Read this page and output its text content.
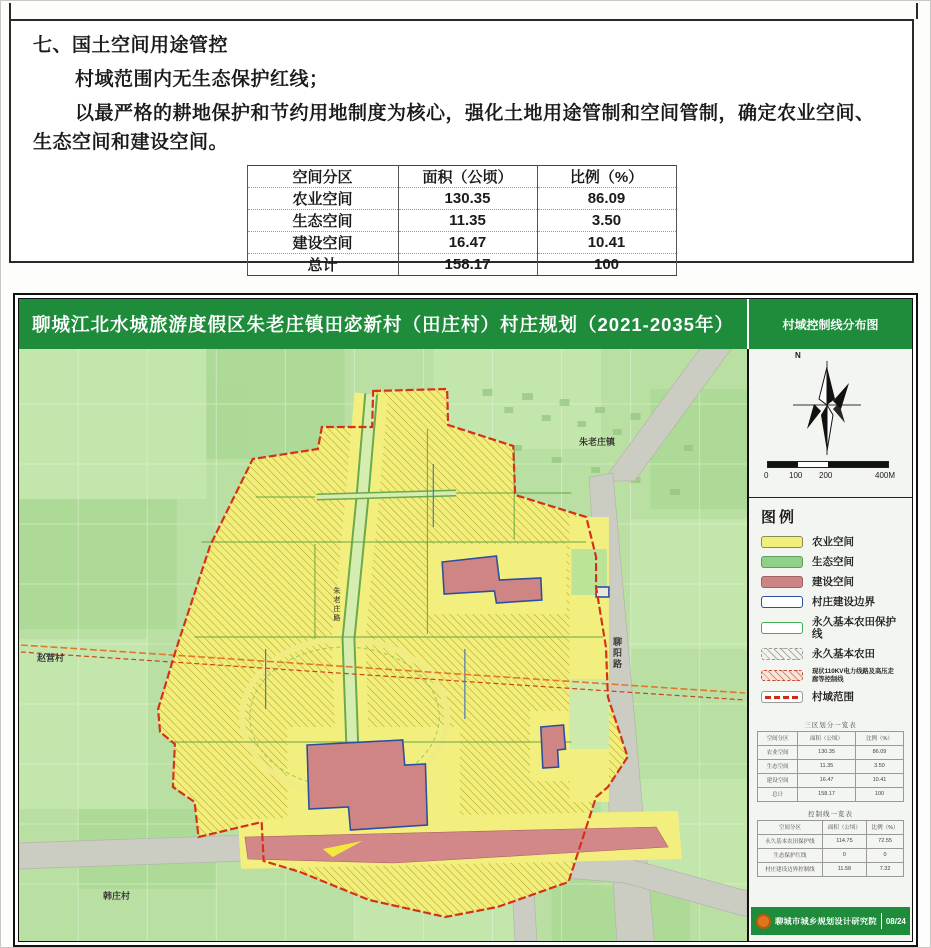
七、国土空间用途管控

村域范围内无生态保护红线；

以最严格的耕地保护和节约用地制度为核心，强化土地用途管制和空间管制，确定农业空间、生态空间和建设空间。

空间分区	面积（公顷）	比例（%）
农业空间	130.35	86.09
生态空间	11.35	3.50
建设空间	16.47	10.41
总计	158.17	100
聊城江北水城旅游度假区朱老庄镇田宓新村（田庄村）村庄规划（2021-2035年）	村域控制线分布图
朱老庄镇
赵营村
韩庄村
聊阳路
朱老庄路
N
0	100 200	400M
图例
农业空间
生态空间
建设空间
村庄建设边界
永久基本农田保护线
永久基本农田
现状110KV电力线路及高压走廊等控制线
村域范围
三区划分一览表
空间分区	面积（公顷）	比例（%）
农业空间	130.35	86.09
生态空间	11.35	3.50
建设空间	16.47	10.41
总计	158.17	100
控制线一览表
空间分区	面积（公顷）	比例（%）
永久基本农田保护线	114.75	72.55
生态保护红线	0	0
村庄建设边界控制线	11.58	7.32
聊城市城乡规划设计研究院 08/24
